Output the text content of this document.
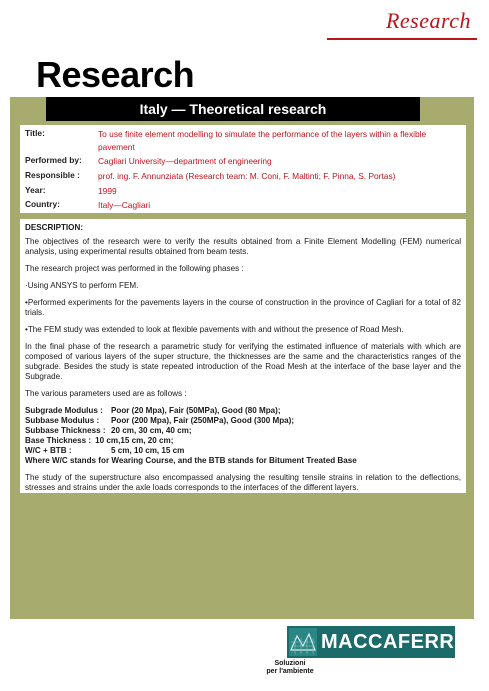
Research
Research
Italy — Theoretical research
Title:	To use finite element modelling to simulate the performance of the layers within a flexible pavement
Performed by:	Cagliari University—department of engineering
Responsible :	prof. ing. F. Annunziata (Research team: M. Coni, F. Maltinti; F. Pinna, S. Portas)
Year:	1999
Country:	Italy—Cagliari
DESCRIPTION:

The objectives of the research were to verify the results obtained from a Finite Element Modelling (FEM) numerical analysis, using experimental results obtained from beam tests.

The research project was performed in the following phases :

·Using ANSYS to perform FEM.

•Performed experiments for the pavements layers in the course of construction in the province of Cagliari for a total of 82 trials.

•The FEM study was extended to look at flexible pavements with and without the presence of Road Mesh.

In the final phase of the research a parametric study for verifying the estimated influence of materials with which are composed of various layers of the super structure, the thicknesses are the same and the characteristics ranges of the subgrade. Besides the study is state repeated introduction of the Road Mesh at the interface of the base layer and the Subgrade.

The various parameters used are as follows :

Subgrade Modulus :	Poor (20 Mpa), Fair (50MPa), Good (80 Mpa);
Subbase Modulus :	Poor (200 Mpa), Fair (250MPa), Good (300 Mpa);
Subbase Thickness : 20 cm, 30 cm, 40 cm;
Base Thickness : 10 cm,15 cm, 20 cm;
W/C + BTB :	5 cm, 10 cm, 15 cm
Where W/C stands for Wearing Course, and the BTB stands for Bitument Treated Base

The study of the superstructure also encompassed analysing the resulting tensile strains in relation to the deflections, stresses and strains under the axle loads corresponds to the interfaces of the different layers.

MACCAFERRI
Soluzioni
per l'ambiente
